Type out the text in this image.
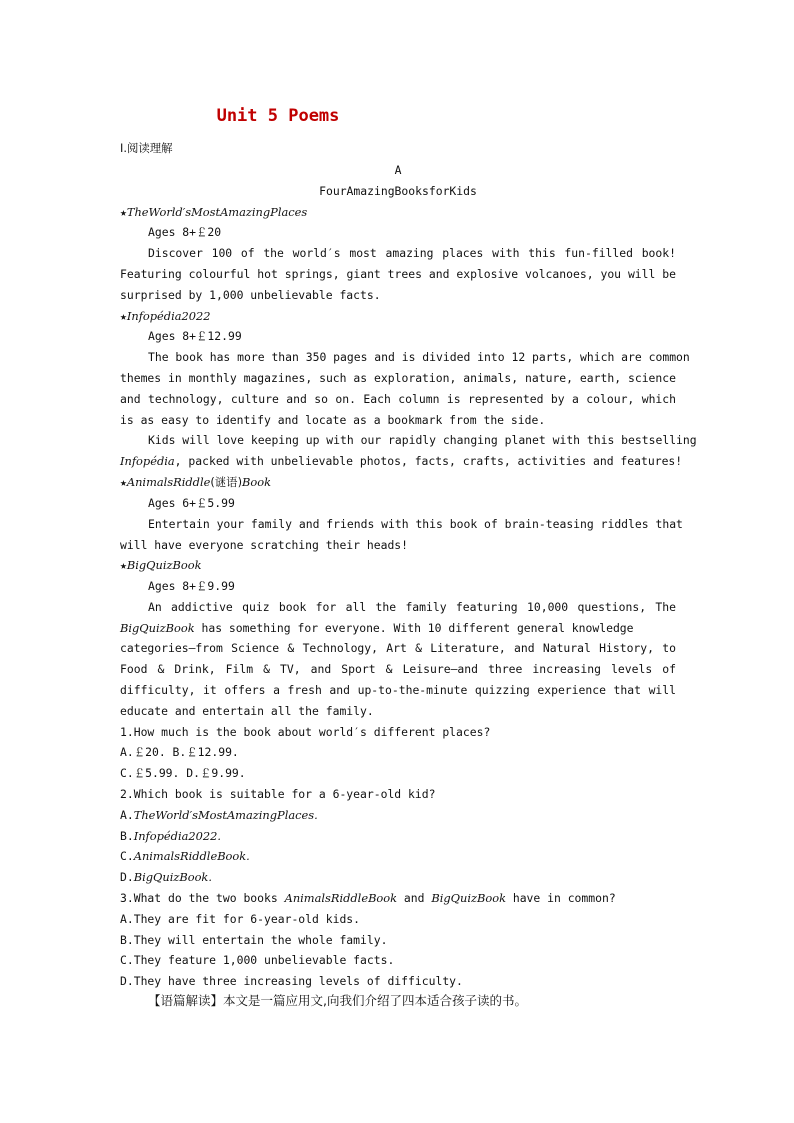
Unit 5 Poems
Ⅰ.阅读理解
A
FourAmazingBooksforKids
★TheWorld′sMostAmazingPlaces
Ages 8+￡20
Discover 100 of the world′s most amazing places with this fun-filled book!
Featuring colourful hot springs, giant trees and explosive volcanoes, you will be
surprised by 1,000 unbelievable facts.
★Infopédia2022
Ages 8+￡12.99
The book has more than 350 pages and is divided into 12 parts, which are common
themes in monthly magazines, such as exploration, animals, nature, earth, science
and technology, culture and so on. Each column is represented by a colour, which
is as easy to identify and locate as a bookmark from the side.
Kids will love keeping up with our rapidly changing planet with this bestselling
Infopédia, packed with unbelievable photos, facts, crafts, activities and features!
★AnimalsRiddle(谜语)Book
Ages 6+￡5.99
Entertain your family and friends with this book of brain-teasing riddles that
will have everyone scratching their heads!
★BigQuizBook
Ages 8+￡9.99
An addictive quiz book for all the family featuring 10,000 questions, The
BigQuizBook has something for everyone. With 10 different general knowledge
categories—from Science & Technology, Art & Literature, and Natural History, to
Food & Drink, Film & TV, and Sport & Leisure—and three increasing levels of
difficulty, it offers a fresh and up-to-the-minute quizzing experience that will
educate and entertain all the family.
1.How much is the book about world′s different places?
A.￡20. B.￡12.99.
C.￡5.99. D.￡9.99.
2.Which book is suitable for a 6-year-old kid?
A.TheWorld′sMostAmazingPlaces.
B.Infopédia2022.
C.AnimalsRiddleBook.
D.BigQuizBook.
3.What do the two books AnimalsRiddleBook and BigQuizBook have in common?
A.They are fit for 6-year-old kids.
B.They will entertain the whole family.
C.They feature 1,000 unbelievable facts.
D.They have three increasing levels of difficulty.
【语篇解读】本文是一篇应用文,向我们介绍了四本适合孩子读的书。
